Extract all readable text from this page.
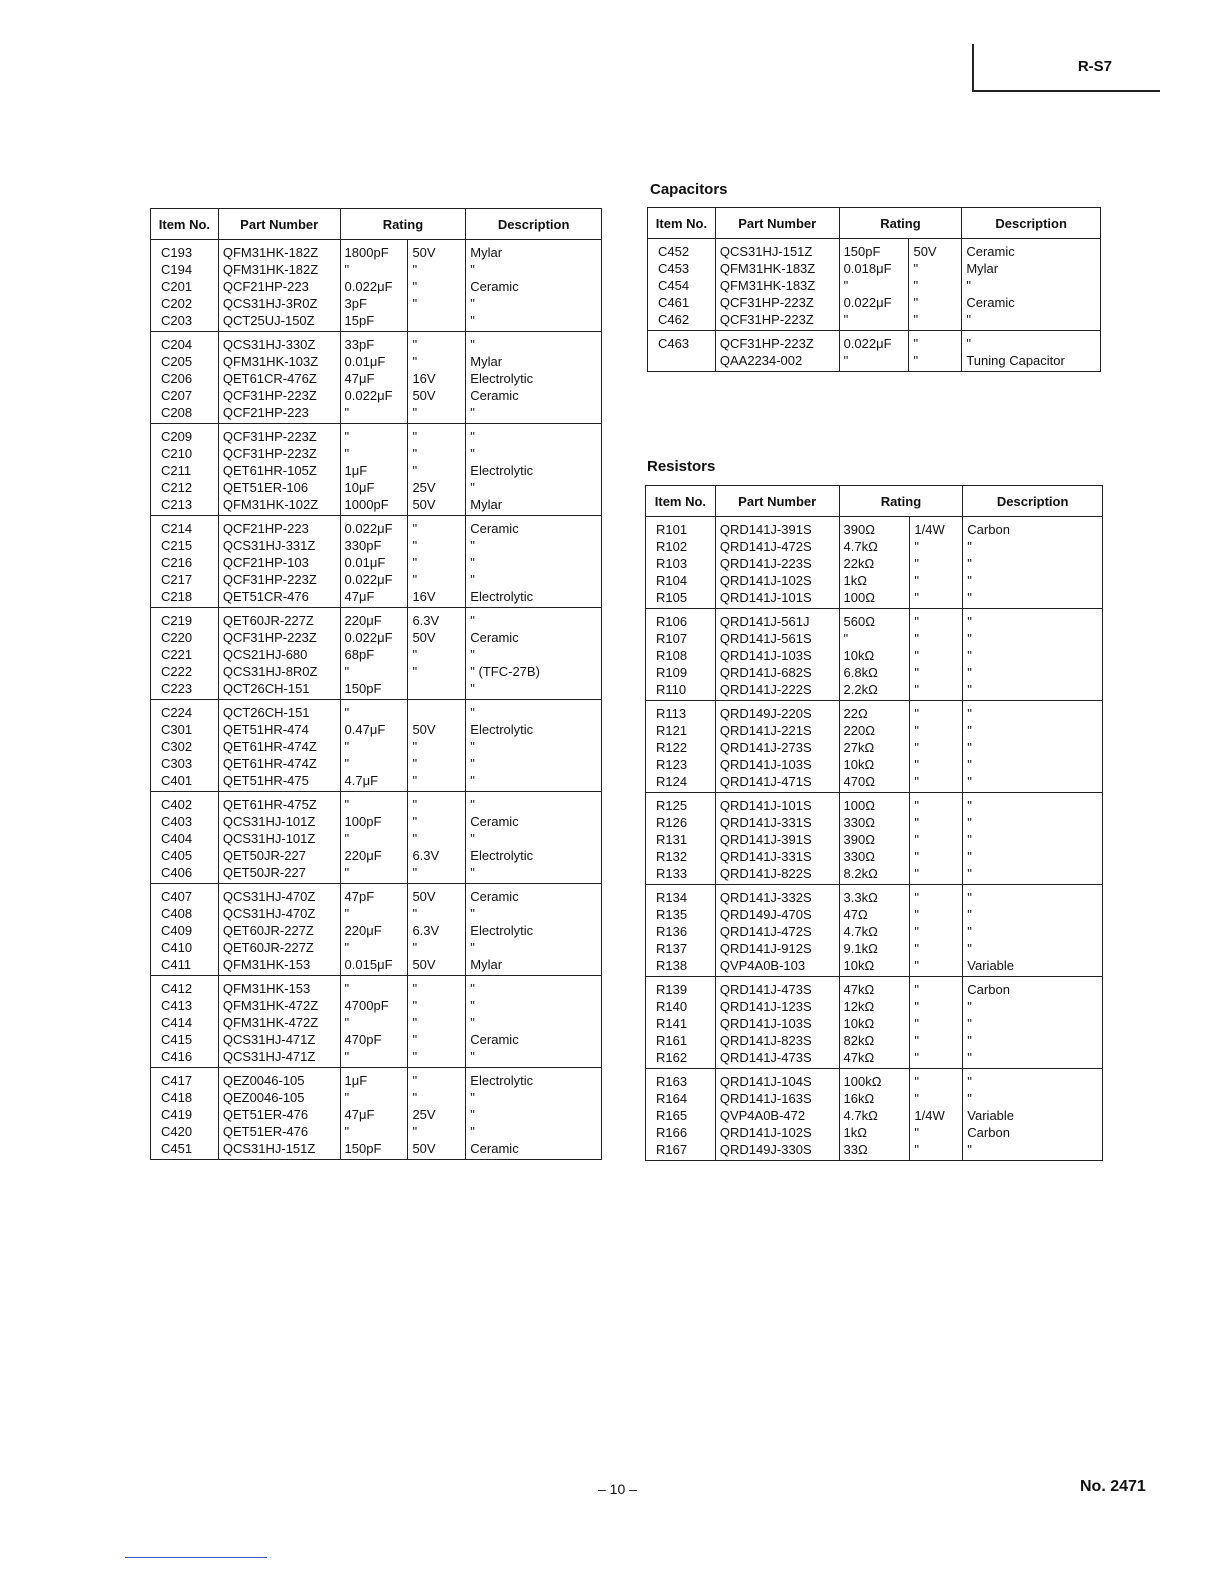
R-S7
Item No.	Part Number	Rating		Description
C193	QFM31HK-182Z	1800pF	50V	Mylar
C194	QFM31HK-182Z	"	"	"
C201	QCF21HP-223	0.022μF	"	Ceramic
C202	QCS31HJ-3R0Z	3pF	"	"
C203	QCT25UJ-150Z	15pF		"
C204	QCS31HJ-330Z	33pF	"	"
C205	QFM31HK-103Z	0.01μF	"	Mylar
C206	QET61CR-476Z	47μF	16V	Electrolytic
C207	QCF31HP-223Z	0.022μF	50V	Ceramic
C208	QCF21HP-223	"	"	"
C209	QCF31HP-223Z	"	"	"
C210	QCF31HP-223Z	"	"	"
C211	QET61HR-105Z	1μF	"	Electrolytic
C212	QET51ER-106	10μF	25V	"
C213	QFM31HK-102Z	1000pF	50V	Mylar
C214	QCF21HP-223	0.022μF	"	Ceramic
C215	QCS31HJ-331Z	330pF	"	"
C216	QCF21HP-103	0.01μF	"	"
C217	QCF31HP-223Z	0.022μF	"	"
C218	QET51CR-476	47μF	16V	Electrolytic
C219	QET60JR-227Z	220μF	6.3V	"
C220	QCF31HP-223Z	0.022μF	50V	Ceramic
C221	QCS21HJ-680	68pF	"	"
C222	QCS31HJ-8R0Z	"	"	" (TFC-27B)
C223	QCT26CH-151	150pF		"
C224	QCT26CH-151	"		"
C301	QET51HR-474	0.47μF	50V	Electrolytic
C302	QET61HR-474Z	"	"	"
C303	QET61HR-474Z	"	"	"
C401	QET51HR-475	4.7μF	"	"
C402	QET61HR-475Z	"	"	"
C403	QCS31HJ-101Z	100pF	"	Ceramic
C404	QCS31HJ-101Z	"	"	"
C405	QET50JR-227	220μF	6.3V	Electrolytic
C406	QET50JR-227	"	"	"
C407	QCS31HJ-470Z	47pF	50V	Ceramic
C408	QCS31HJ-470Z	"	"	"
C409	QET60JR-227Z	220μF	6.3V	Electrolytic
C410	QET60JR-227Z	"	"	"
C411	QFM31HK-153	0.015μF	50V	Mylar
C412	QFM31HK-153	"	"	"
C413	QFM31HK-472Z	4700pF	"	"
C414	QFM31HK-472Z	"	"	"
C415	QCS31HJ-471Z	470pF	"	Ceramic
C416	QCS31HJ-471Z	"	"	"
C417	QEZ0046-105	1μF	"	Electrolytic
C418	QEZ0046-105	"	"	"
C419	QET51ER-476	47μF	25V	"
C420	QET51ER-476	"	"	"
C451	QCS31HJ-151Z	150pF	50V	Ceramic
Capacitors
Item No.	Part Number	Rating		Description
C452	QCS31HJ-151Z	150pF	50V	Ceramic
C453	QFM31HK-183Z	0.018μF	"	Mylar
C454	QFM31HK-183Z	"	"	"
C461	QCF31HP-223Z	0.022μF	"	Ceramic
C462	QCF31HP-223Z	"	"	"
C463	QCF31HP-223Z	0.022μF	"	"
	QAA2234-002	"	"	Tuning Capacitor
Resistors
Item No.	Part Number	Rating		Description
R101	QRD141J-391S	390Ω	1/4W	Carbon
R102	QRD141J-472S	4.7kΩ	"	"
R103	QRD141J-223S	22kΩ	"	"
R104	QRD141J-102S	1kΩ	"	"
R105	QRD141J-101S	100Ω	"	"
R106	QRD141J-561J	560Ω	"	"
R107	QRD141J-561S	"	"	"
R108	QRD141J-103S	10kΩ	"	"
R109	QRD141J-682S	6.8kΩ	"	"
R110	QRD141J-222S	2.2kΩ	"	"
R113	QRD149J-220S	22Ω	"	"
R121	QRD141J-221S	220Ω	"	"
R122	QRD141J-273S	27kΩ	"	"
R123	QRD141J-103S	10kΩ	"	"
R124	QRD141J-471S	470Ω	"	"
R125	QRD141J-101S	100Ω	"	"
R126	QRD141J-331S	330Ω	"	"
R131	QRD141J-391S	390Ω	"	"
R132	QRD141J-331S	330Ω	"	"
R133	QRD141J-822S	8.2kΩ	"	"
R134	QRD141J-332S	3.3kΩ	"	"
R135	QRD149J-470S	47Ω	"	"
R136	QRD141J-472S	4.7kΩ	"	"
R137	QRD141J-912S	9.1kΩ	"	"
R138	QVP4A0B-103	10kΩ	"	Variable
R139	QRD141J-473S	47kΩ	"	Carbon
R140	QRD141J-123S	12kΩ	"	"
R141	QRD141J-103S	10kΩ	"	"
R161	QRD141J-823S	82kΩ	"	"
R162	QRD141J-473S	47kΩ	"	"
R163	QRD141J-104S	100kΩ	"	"
R164	QRD141J-163S	16kΩ	"	"
R165	QVP4A0B-472	4.7kΩ	1/4W	Variable
R166	QRD141J-102S	1kΩ	"	Carbon
R167	QRD149J-330S	33Ω	"	"
– 10 –	No. 2471
